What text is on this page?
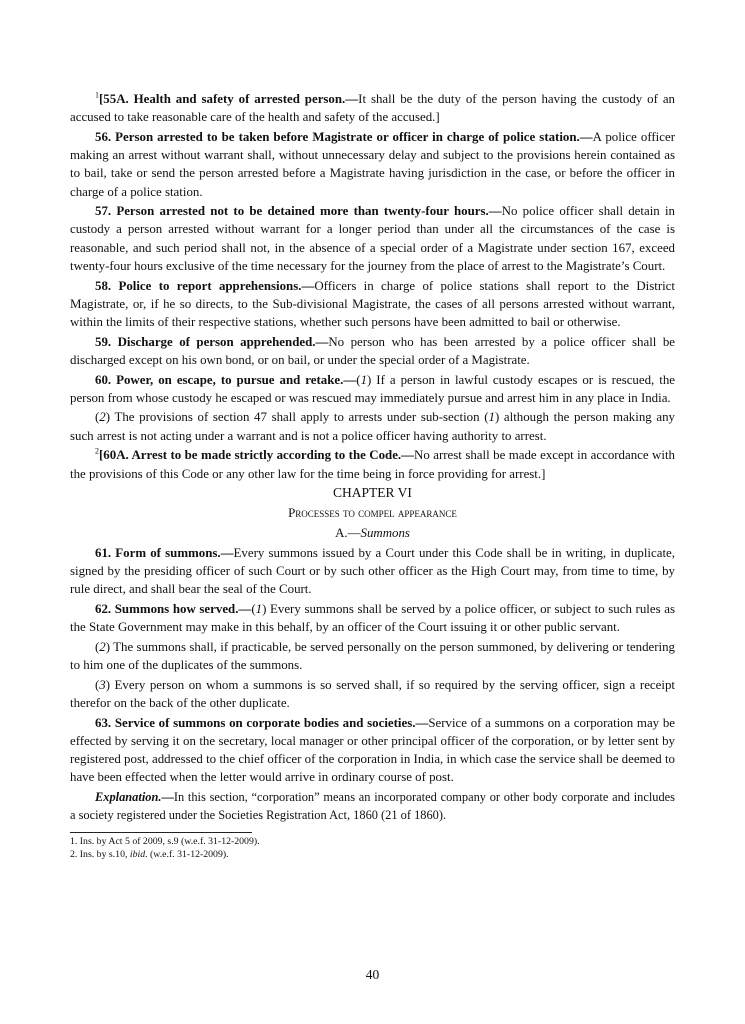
$^1$[55A. Health and safety of arrested person.—It shall be the duty of the person having the custody of an accused to take reasonable care of the health and safety of the accused.]

56. Person arrested to be taken before Magistrate or officer in charge of police station.—A police officer making an arrest without warrant shall, without unnecessary delay and subject to the provisions herein contained as to bail, take or send the person arrested before a Magistrate having jurisdiction in the case, or before the officer in charge of a police station.

57. Person arrested not to be detained more than twenty-four hours.—No police officer shall detain in custody a person arrested without warrant for a longer period than under all the circumstances of the case is reasonable, and such period shall not, in the absence of a special order of a Magistrate under section 167, exceed twenty-four hours exclusive of the time necessary for the journey from the place of arrest to the Magistrate’s Court.

58. Police to report apprehensions.—Officers in charge of police stations shall report to the District Magistrate, or, if he so directs, to the Sub-divisional Magistrate, the cases of all persons arrested without warrant, within the limits of their respective stations, whether such persons have been admitted to bail or otherwise.

59. Discharge of person apprehended.—No person who has been arrested by a police officer shall be discharged except on his own bond, or on bail, or under the special order of a Magistrate.

60. Power, on escape, to pursue and retake.—(1) If a person in lawful custody escapes or is rescued, the person from whose custody he escaped or was rescued may immediately pursue and arrest him in any place in India.

(2) The provisions of section 47 shall apply to arrests under sub-section (1) although the person making any such arrest is not acting under a warrant and is not a police officer having authority to arrest.

$^2$[60A. Arrest to be made strictly according to the Code.—No arrest shall be made except in accordance with the provisions of this Code or any other law for the time being in force providing for arrest.]

CHAPTER VI

Processes to compel appearance

A.—Summons

61. Form of summons.—Every summons issued by a Court under this Code shall be in writing, in duplicate, signed by the presiding officer of such Court or by such other officer as the High Court may, from time to time, by rule direct, and shall bear the seal of the Court.

62. Summons how served.—(1) Every summons shall be served by a police officer, or subject to such rules as the State Government may make in this behalf, by an officer of the Court issuing it or other public servant.

(2) The summons shall, if practicable, be served personally on the person summoned, by delivering or tendering to him one of the duplicates of the summons.

(3) Every person on whom a summons is so served shall, if so required by the serving officer, sign a receipt therefor on the back of the other duplicate.

63. Service of summons on corporate bodies and societies.—Service of a summons on a corporation may be effected by serving it on the secretary, local manager or other principal officer of the corporation, or by letter sent by registered post, addressed to the chief officer of the corporation in India, in which case the service shall be deemed to have been effected when the letter would arrive in ordinary course of post.

Explanation.—In this section, “corporation” means an incorporated company or other body corporate and includes a society registered under the Societies Registration Act, 1860 (21 of 1860).

1. Ins. by Act 5 of 2009, s.9 (w.e.f. 31-12-2009).

2. Ins. by s.10, ibid. (w.e.f. 31-12-2009).

40
